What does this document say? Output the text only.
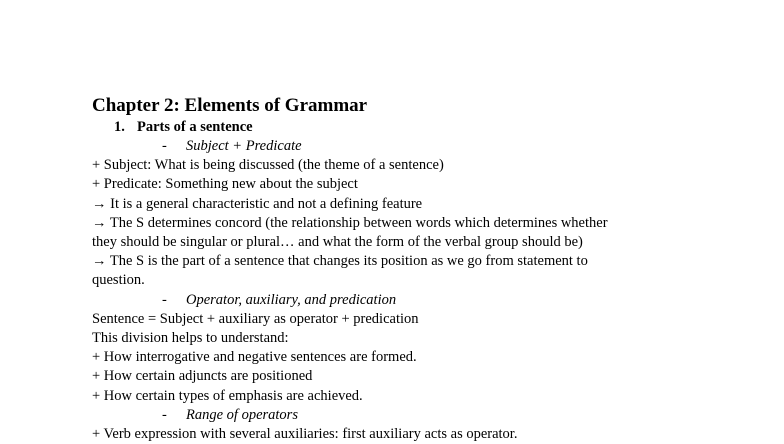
Chapter 2: Elements of Grammar
1. Parts of a sentence
- Subject + Predicate

+ Subject: What is being discussed (the theme of a sentence)

+ Predicate: Something new about the subject

→ It is a general characteristic and not a defining feature

→ The S determines concord (the relationship between words which determines whether

they should be singular or plural… and what the form of the verbal group should be)

→ The S is the part of a sentence that changes its position as we go from statement to

question.

- Operator, auxiliary, and predication

Sentence = Subject + auxiliary as operator + predication

This division helps to understand:

+ How interrogative and negative sentences are formed.

+ How certain adjuncts are positioned

+ How certain types of emphasis are achieved.

- Range of operators

+ Verb expression with several auxiliaries: first auxiliary acts as operator.
